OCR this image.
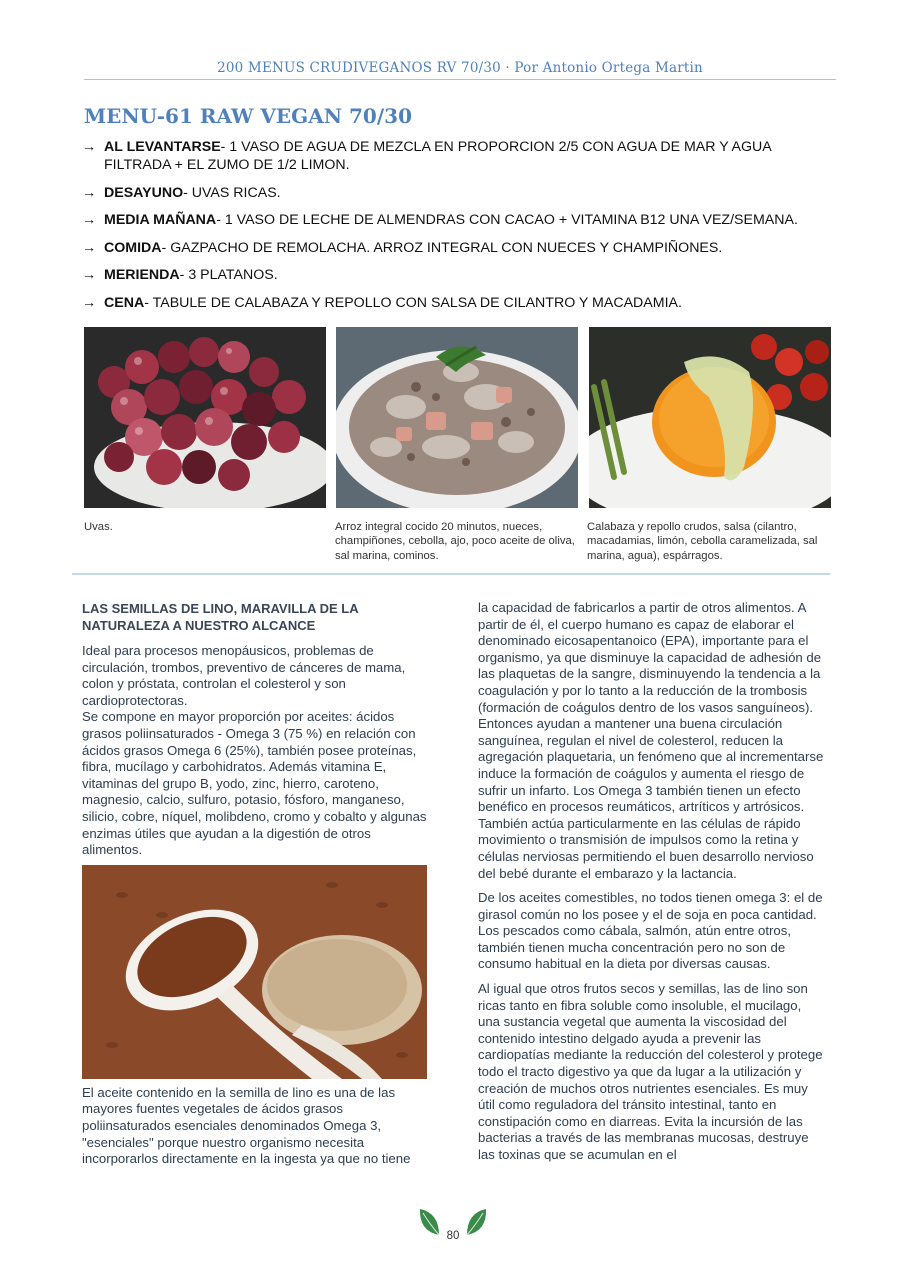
200 MENUS CRUDIVEGANOS RV 70/30 · Por Antonio Ortega Martin
MENU-61 RAW VEGAN 70/30
→ AL LEVANTARSE- 1 VASO DE AGUA DE MEZCLA EN PROPORCION 2/5 CON AGUA DE MAR Y AGUA FILTRADA + EL ZUMO DE 1/2 LIMON.
→ DESAYUNO- UVAS RICAS.
→ MEDIA MAÑANA- 1 VASO DE LECHE DE ALMENDRAS CON CACAO + VITAMINA B12 UNA VEZ/SEMANA.
→ COMIDA- GAZPACHO DE REMOLACHA. ARROZ INTEGRAL CON NUECES Y CHAMPIÑONES.
→ MERIENDA- 3 PLATANOS.
→ CENA- TABULE DE CALABAZA Y REPOLLO CON SALSA DE CILANTRO Y MACADAMIA.
Uvas.	Arroz integral cocido 20 minutos, nueces, champiñones, cebolla, ajo, poco aceite de oliva, sal marina, cominos.
Calabaza y repollo crudos, salsa (cilantro, macadamias, limón, cebolla caramelizada, sal marina, agua), espárragos.
LAS SEMILLAS DE LINO, MARAVILLA DE LA NATURALEZA A NUESTRO ALCANCE

Ideal para procesos menopáusicos, problemas de circulación, trombos, preventivo de cánceres de mama, colon y próstata, controlan el colesterol y son cardioprotectoras.

Se compone en mayor proporción por aceites: ácidos grasos poliinsaturados - Omega 3 (75 %) en relación con ácidos grasos Omega 6 (25%), también posee proteínas, fibra, mucílago y carbohidratos. Además vitamina E, vitaminas del grupo B, yodo, zinc, hierro, caroteno, magnesio, calcio, sulfuro, potasio, fósforo, manganeso, silicio, cobre, níquel, molibdeno, cromo y cobalto y algunas enzimas útiles que ayudan a la digestión de otros alimentos.

El aceite contenido en la semilla de lino es una de las mayores fuentes vegetales de ácidos grasos poliinsaturados esenciales denominados Omega 3, "esenciales" porque nuestro organismo necesita incorporarlos directamente en la ingesta ya que no tiene

la capacidad de fabricarlos a partir de otros alimentos. A partir de él, el cuerpo humano es capaz de elaborar el denominado eicosapentanoico (EPA), importante para el organismo, ya que disminuye la capacidad de adhesión de las plaquetas de la sangre, disminuyendo la tendencia a la coagulación y por lo tanto a la reducción de la trombosis (formación de coágulos dentro de los vasos sanguíneos). Entonces ayudan a mantener una buena circulación sanguínea, regulan el nivel de colesterol, reducen la agregación plaquetaria, un fenómeno que al incrementarse induce la formación de coágulos y aumenta el riesgo de sufrir un infarto. Los Omega 3 también tienen un efecto benéfico en procesos reumáticos, artríticos y artrósicos. También actúa particularmente en las células de rápido movimiento o transmisión de impulsos como la retina y células nerviosas permitiendo el buen desarrollo nervioso del bebé durante el embarazo y la lactancia.

De los aceites comestibles, no todos tienen omega 3: el de girasol común no los posee y el de soja en poca cantidad. Los pescados como cábala, salmón, atún entre otros, también tienen mucha concentración pero no son de consumo habitual en la dieta por diversas causas.

Al igual que otros frutos secos y semillas, las de lino son ricas tanto en fibra soluble como insoluble, el mucilago, una sustancia vegetal que aumenta la viscosidad del contenido intestino delgado ayuda a prevenir las cardiopatías mediante la reducción del colesterol y protege todo el tracto digestivo ya que da lugar a la utilización y creación de muchos otros nutrientes esenciales. Es muy útil como reguladora del tránsito intestinal, tanto en constipación como en diarreas. Evita la incursión de las bacterias a través de las membranas mucosas, destruye las toxinas que se acumulan en el

80
